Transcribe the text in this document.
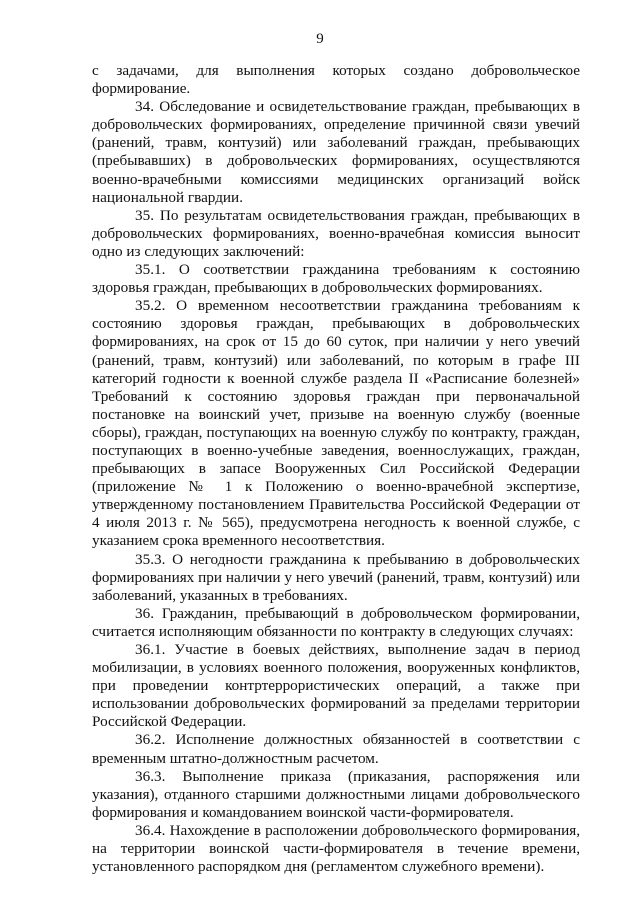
9

с задачами, для выполнения которых создано добровольческое формирование.

34. Обследование и освидетельствование граждан, пребывающих в добровольческих формированиях, определение причинной связи увечий (ранений, травм, контузий) или заболеваний граждан, пребывающих (пребывавших) в добровольческих формированиях, осуществляются военно-врачебными комиссиями медицинских организаций войск национальной гвардии.

35. По результатам освидетельствования граждан, пребывающих в добровольческих формированиях, военно-врачебная комиссия выносит одно из следующих заключений:

35.1. О соответствии гражданина требованиям к состоянию здоровья граждан, пребывающих в добровольческих формированиях.

35.2. О временном несоответствии гражданина требованиям к состоянию здоровья граждан, пребывающих в добровольческих формированиях, на срок от 15 до 60 суток, при наличии у него увечий (ранений, травм, контузий) или заболеваний, по которым в графе III категорий годности к военной службе раздела II «Расписание болезней» Требований к состоянию здоровья граждан при первоначальной постановке на воинский учет, призыве на военную службу (военные сборы), граждан, поступающих на военную службу по контракту, граждан, поступающих в военно-учебные заведения, военнослужащих, граждан, пребывающих в запасе Вооруженных Сил Российской Федерации (приложение № 1 к Положению о военно-врачебной экспертизе, утвержденному постановлением Правительства Российской Федерации от 4 июля 2013 г. № 565), предусмотрена негодность к военной службе, с указанием срока временного несоответствия.

35.3. О негодности гражданина к пребыванию в добровольческих формированиях при наличии у него увечий (ранений, травм, контузий) или заболеваний, указанных в требованиях.

36. Гражданин, пребывающий в добровольческом формировании, считается исполняющим обязанности по контракту в следующих случаях:

36.1. Участие в боевых действиях, выполнение задач в период мобилизации, в условиях военного положения, вооруженных конфликтов, при проведении контртеррористических операций, а также при использовании добровольческих формирований за пределами территории Российской Федерации.

36.2. Исполнение должностных обязанностей в соответствии с временным штатно-должностным расчетом.

36.3. Выполнение приказа (приказания, распоряжения или указания), отданного старшими должностными лицами добровольческого формирования и командованием воинской части-формирователя.

36.4. Нахождение в расположении добровольческого формирования, на территории воинской части-формирователя в течение времени, установленного распорядком дня (регламентом служебного времени).
